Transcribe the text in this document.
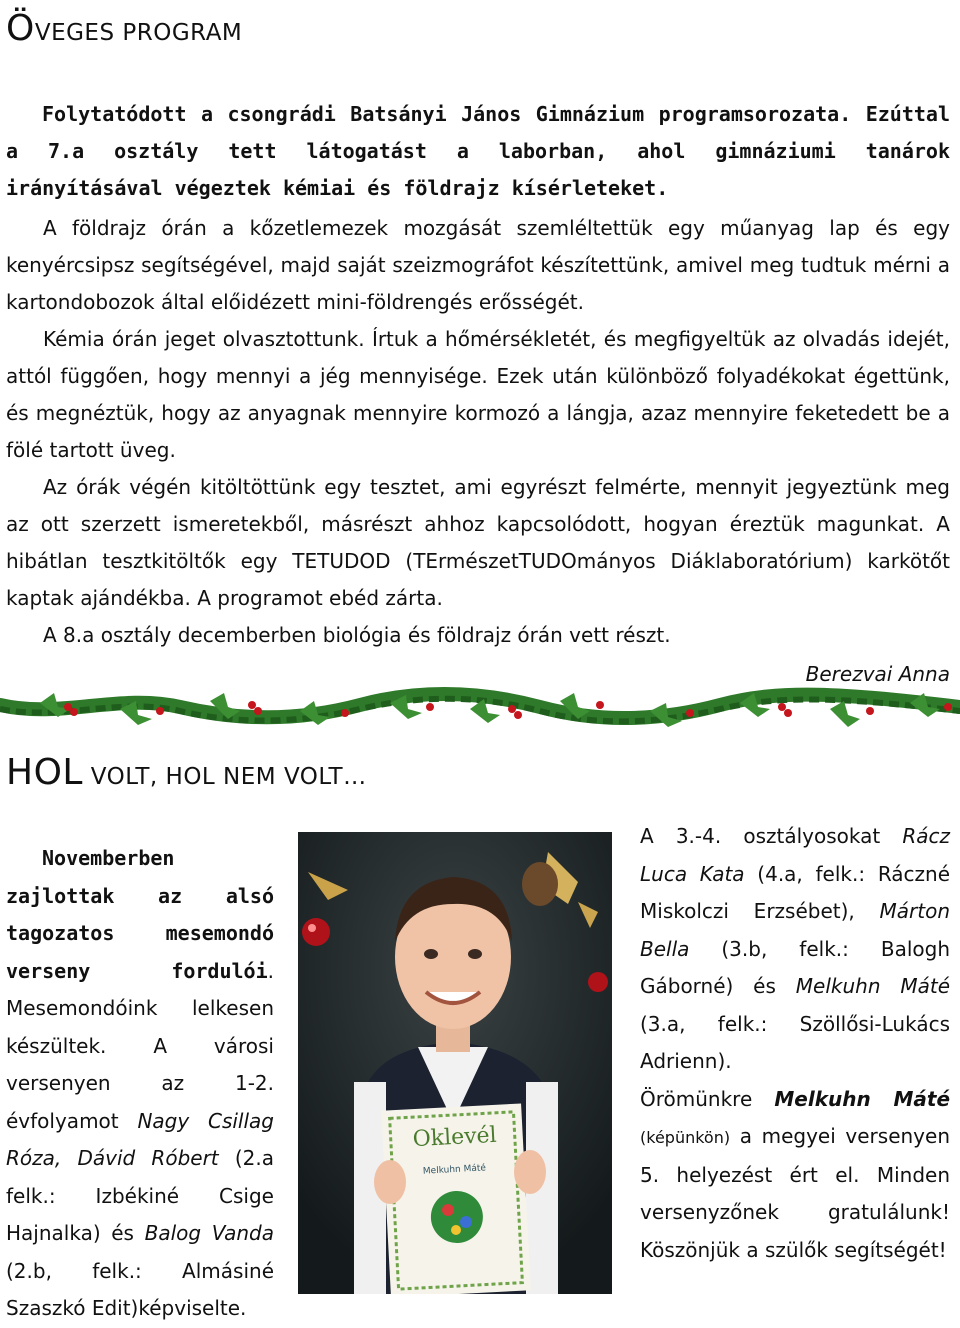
ÖVEGES PROGRAM
Folytatódott a csongrádi Batsányi János Gimnázium programsorozata. Ezúttal a 7.a osztály tett látogatást a laborban, ahol gimnáziumi tanárok irányításával végeztek kémiai és földrajz kísérleteket.

A földrajz órán a kőzetlemezek mozgását szemléltettük egy műanyag lap és egy kenyércsipsz segítségével, majd saját szeizmográfot készítettünk, amivel meg tudtuk mérni a kartondobozok által előidézett mini-földrengés erősségét.

Kémia órán jeget olvasztottunk. Írtuk a hőmérsékletét, és megfigyeltük az olvadás idejét, attól függően, hogy mennyi a jég mennyisége. Ezek után különböző folyadékokat égettünk, és megnéztük, hogy az anyagnak mennyire kormozó a lángja, azaz mennyire feketedett be a fölé tartott üveg.

Az órák végén kitöltöttünk egy tesztet, ami egyrészt felmérte, mennyit jegyeztünk meg az ott szerzett ismeretekből, másrészt ahhoz kapcsolódott, hogyan éreztük magunkat. A hibátlan tesztkitöltők egy TETUDOD (TErmészetTUDOmányos Diáklaboratórium) karkötőt kaptak ajándékba. A programot ebéd zárta.

A 8.a osztály decemberben biológia és földrajz órán vett részt.

Berezvai Anna
HOL VOLT, HOL NEM VOLT…

Novemberben zajlottak az alsó tagozatos mesemondó verseny fordulói. Mesemondóink lelkesen készültek. A városi versenyen az 1-2. évfolyamot Nagy Csillag Róza, Dávid Róbert (2.a felk.: Izbékiné Csige Hajnalka) és Balog Vanda (2.b, felk.: Almásiné Szaszkó Edit)képviselte.

Oklevél
Melkuhn Máté

A 3.-4. osztályosokat Rácz Luca Kata (4.a, felk.: Ráczné Miskolczi Erzsébet), Márton Bella (3.b, felk.: Balogh Gáborné) és Melkuhn Máté (3.a, felk.: Szöllősi-Lukács Adrienn).

Örömünkre Melkuhn Máté (képünkön) a megyei versenyen 5. helyezést ért el. Minden versenyzőnek gratulálunk! Köszönjük a szülők segítségét!
